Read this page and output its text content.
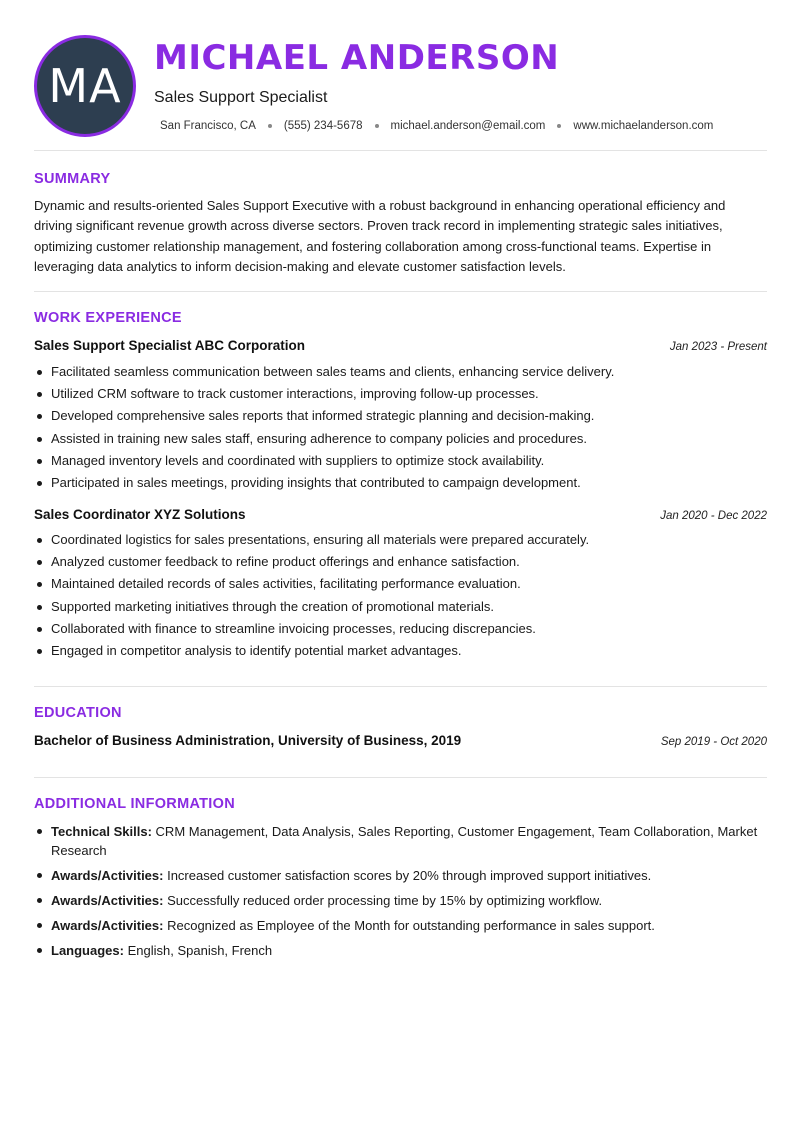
MA
MICHAEL ANDERSON
Sales Support Specialist
San Francisco, CA (555) 234-5678 michael.anderson@email.com www.michaelanderson.com
SUMMARY

Dynamic and results-oriented Sales Support Executive with a robust background in enhancing operational efficiency and driving significant revenue growth across diverse sectors. Proven track record in implementing strategic sales initiatives, optimizing customer relationship management, and fostering collaboration among cross-functional teams. Expertise in leveraging data analytics to inform decision-making and elevate customer satisfaction levels.

WORK EXPERIENCE
Sales Support Specialist ABC Corporation	Jan 2023 - Present
Facilitated seamless communication between sales teams and clients, enhancing service delivery.
Utilized CRM software to track customer interactions, improving follow-up processes.
Developed comprehensive sales reports that informed strategic planning and decision-making.
Assisted in training new sales staff, ensuring adherence to company policies and procedures.
Managed inventory levels and coordinated with suppliers to optimize stock availability.
Participated in sales meetings, providing insights that contributed to campaign development.
Sales Coordinator XYZ Solutions	Jan 2020 - Dec 2022
Coordinated logistics for sales presentations, ensuring all materials were prepared accurately.
Analyzed customer feedback to refine product offerings and enhance satisfaction.
Maintained detailed records of sales activities, facilitating performance evaluation.
Supported marketing initiatives through the creation of promotional materials.
Collaborated with finance to streamline invoicing processes, reducing discrepancies.
Engaged in competitor analysis to identify potential market advantages.
EDUCATION
Bachelor of Business Administration, University of Business, 2019	Sep 2019 - Oct 2020
ADDITIONAL INFORMATION
Technical Skills: CRM Management, Data Analysis, Sales Reporting, Customer Engagement, Team Collaboration, Market Research
Awards/Activities: Increased customer satisfaction scores by 20% through improved support initiatives.
Awards/Activities: Successfully reduced order processing time by 15% by optimizing workflow.
Awards/Activities: Recognized as Employee of the Month for outstanding performance in sales support.
Languages: English, Spanish, French
